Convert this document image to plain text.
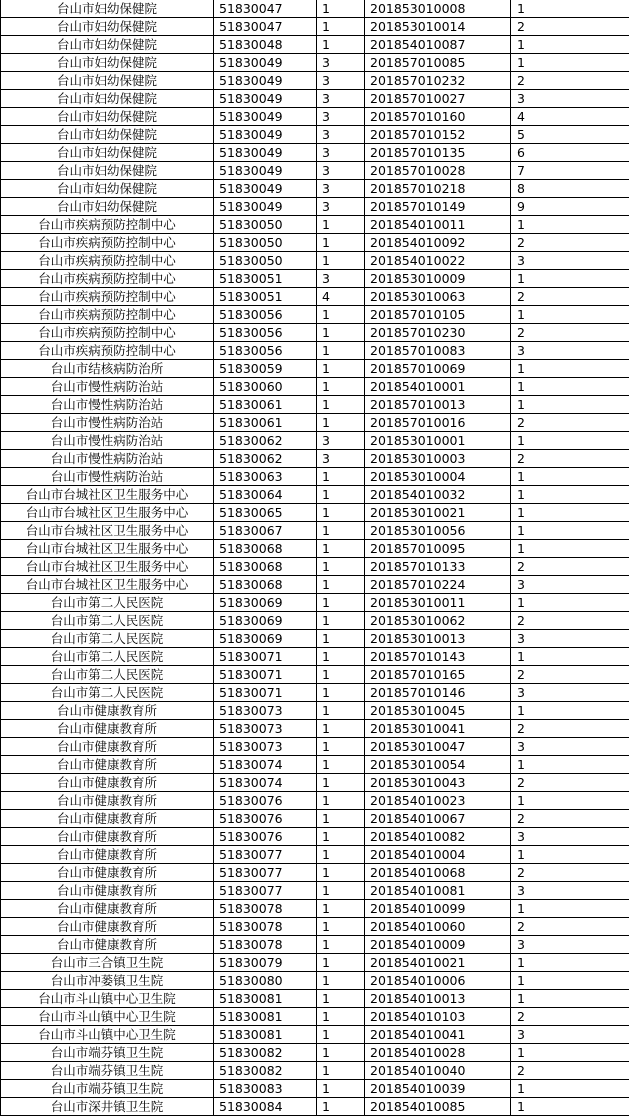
台山市妇幼保健院	51830047	1	201853010008	1
台山市妇幼保健院	51830047	1	201853010014	2
台山市妇幼保健院	51830048	1	201854010087	1
台山市妇幼保健院	51830049	3	201857010085	1
台山市妇幼保健院	51830049	3	201857010232	2
台山市妇幼保健院	51830049	3	201857010027	3
台山市妇幼保健院	51830049	3	201857010160	4
台山市妇幼保健院	51830049	3	201857010152	5
台山市妇幼保健院	51830049	3	201857010135	6
台山市妇幼保健院	51830049	3	201857010028	7
台山市妇幼保健院	51830049	3	201857010218	8
台山市妇幼保健院	51830049	3	201857010149	9
台山市疾病预防控制中心	51830050	1	201854010011	1
台山市疾病预防控制中心	51830050	1	201854010092	2
台山市疾病预防控制中心	51830050	1	201854010022	3
台山市疾病预防控制中心	51830051	3	201853010009	1
台山市疾病预防控制中心	51830051	4	201853010063	2
台山市疾病预防控制中心	51830056	1	201857010105	1
台山市疾病预防控制中心	51830056	1	201857010230	2
台山市疾病预防控制中心	51830056	1	201857010083	3
台山市结核病防治所	51830059	1	201857010069	1
台山市慢性病防治站	51830060	1	201854010001	1
台山市慢性病防治站	51830061	1	201857010013	1
台山市慢性病防治站	51830061	1	201857010016	2
台山市慢性病防治站	51830062	3	201853010001	1
台山市慢性病防治站	51830062	3	201853010003	2
台山市慢性病防治站	51830063	1	201853010004	1
台山市台城社区卫生服务中心	51830064	1	201854010032	1
台山市台城社区卫生服务中心	51830065	1	201853010021	1
台山市台城社区卫生服务中心	51830067	1	201853010056	1
台山市台城社区卫生服务中心	51830068	1	201857010095	1
台山市台城社区卫生服务中心	51830068	1	201857010133	2
台山市台城社区卫生服务中心	51830068	1	201857010224	3
台山市第二人民医院	51830069	1	201853010011	1
台山市第二人民医院	51830069	1	201853010062	2
台山市第二人民医院	51830069	1	201853010013	3
台山市第二人民医院	51830071	1	201857010143	1
台山市第二人民医院	51830071	1	201857010165	2
台山市第二人民医院	51830071	1	201857010146	3
台山市健康教育所	51830073	1	201853010045	1
台山市健康教育所	51830073	1	201853010041	2
台山市健康教育所	51830073	1	201853010047	3
台山市健康教育所	51830074	1	201853010054	1
台山市健康教育所	51830074	1	201853010043	2
台山市健康教育所	51830076	1	201854010023	1
台山市健康教育所	51830076	1	201854010067	2
台山市健康教育所	51830076	1	201854010082	3
台山市健康教育所	51830077	1	201854010004	1
台山市健康教育所	51830077	1	201854010068	2
台山市健康教育所	51830077	1	201854010081	3
台山市健康教育所	51830078	1	201854010099	1
台山市健康教育所	51830078	1	201854010060	2
台山市健康教育所	51830078	1	201854010009	3
台山市三合镇卫生院	51830079	1	201854010021	1
台山市冲蒌镇卫生院	51830080	1	201854010006	1
台山市斗山镇中心卫生院	51830081	1	201854010013	1
台山市斗山镇中心卫生院	51830081	1	201854010103	2
台山市斗山镇中心卫生院	51830081	1	201854010041	3
台山市端芬镇卫生院	51830082	1	201854010028	1
台山市端芬镇卫生院	51830082	1	201854010040	2
台山市端芬镇卫生院	51830083	1	201854010039	1
台山市深井镇卫生院	51830084	1	201854010085	1
